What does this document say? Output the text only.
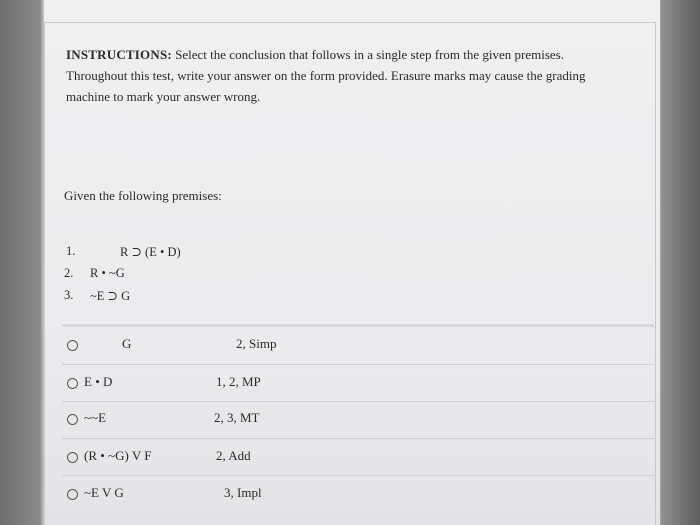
INSTRUCTIONS: Select the conclusion that follows in a single step from the given premises.
Throughout this test, write your answer on the form provided. Erasure marks may cause the grading
machine to mark your answer wrong.
Given the following premises:
1.	R ⊃ (E • D)
2. R • ~G
3. ~E ⊃ G
G	2, Simp
E • D	1, 2, MP
~~E	2, 3, MT
(R • ~G) V F	2, Add
~E V G	3, Impl
